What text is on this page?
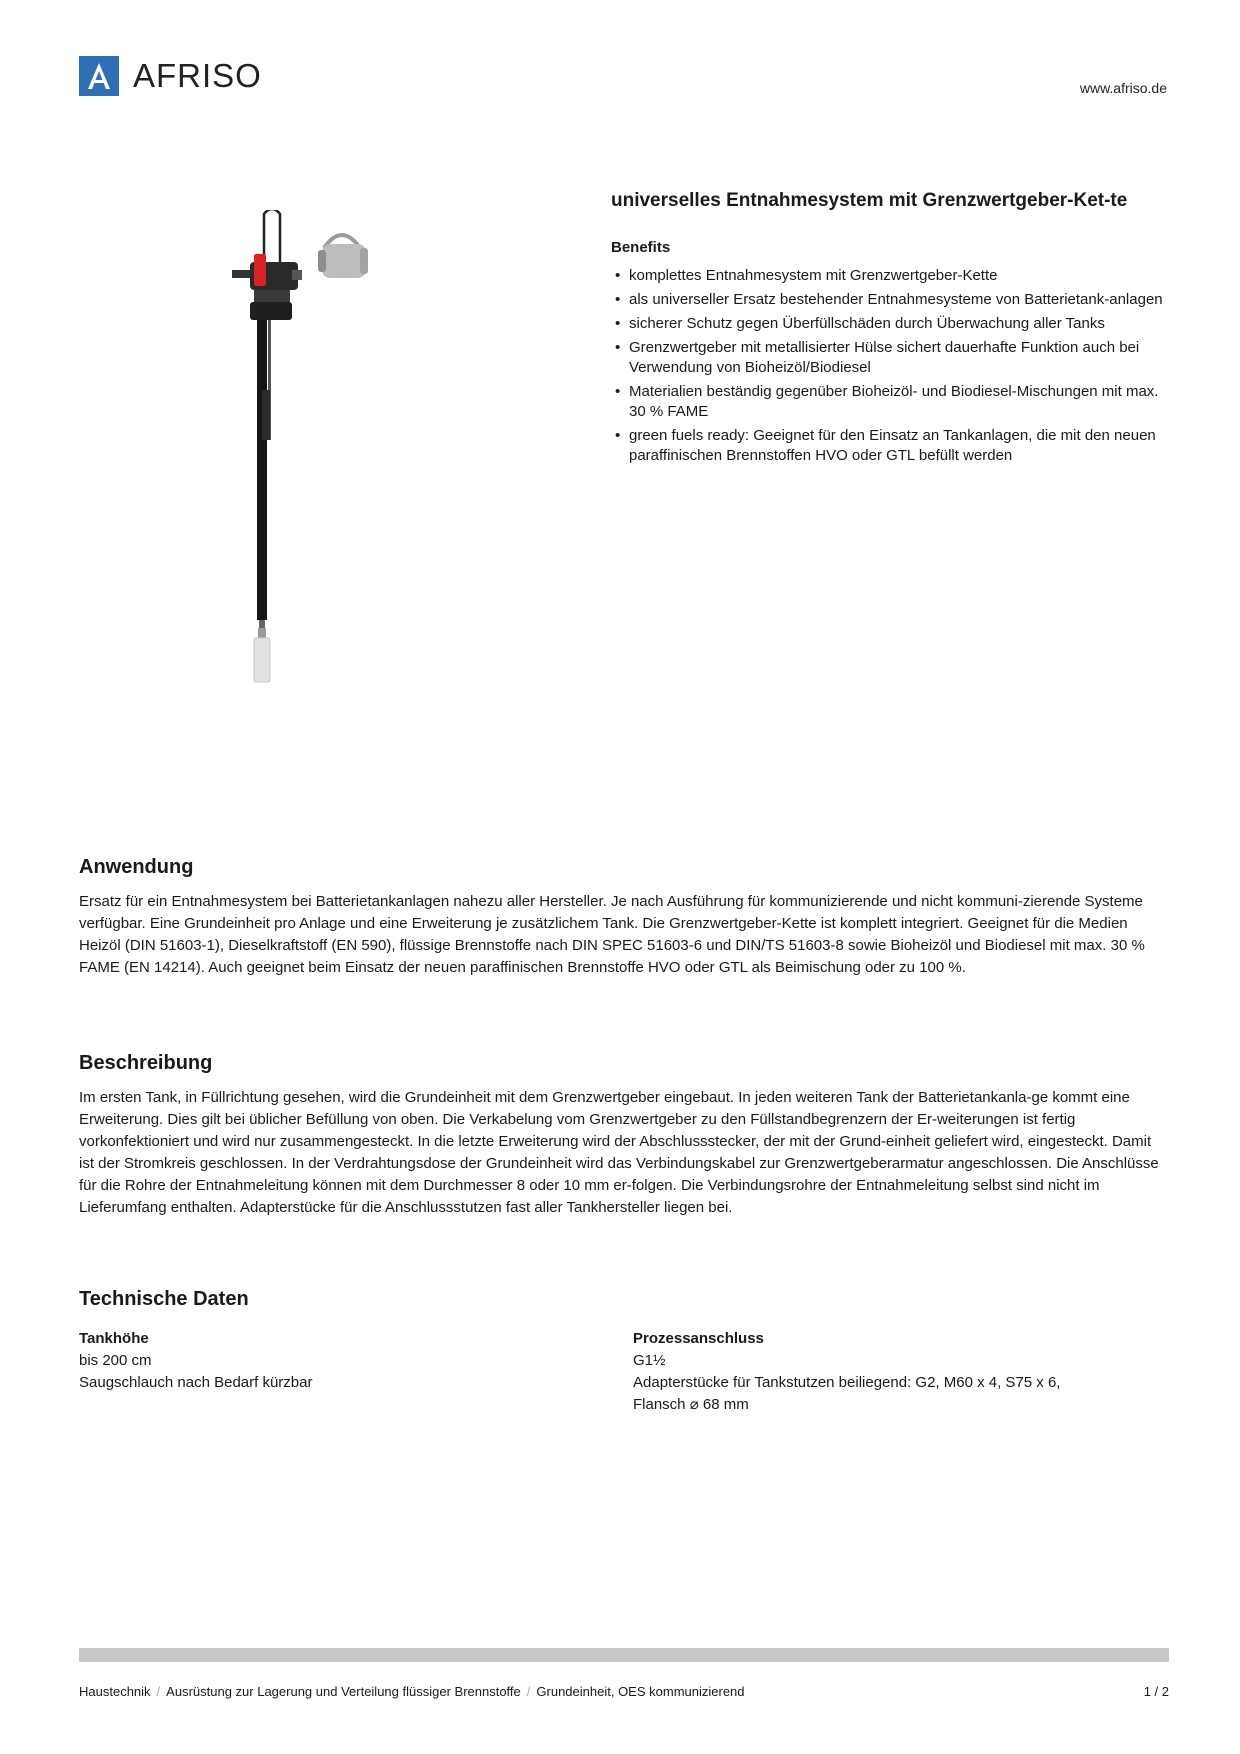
AFRISO	www.afriso.de
universelles Entnahmesystem mit Grenzwertgeber-Ket-te
Benefits
• komplettes Entnahmesystem mit Grenzwertgeber-Kette
• als universeller Ersatz bestehender Entnahmesysteme von Batterietank-anlagen
• sicherer Schutz gegen Überfüllschäden durch Überwachung aller Tanks
• Grenzwertgeber mit metallisierter Hülse sichert dauerhafte Funktion auch bei Verwendung von Bioheizöl/Biodiesel
• Materialien beständig gegenüber Bioheizöl- und Biodiesel-Mischungen mit max. 30 % FAME
• green fuels ready: Geeignet für den Einsatz an Tankanlagen, die mit den neuen paraffinischen Brennstoffen HVO oder GTL befüllt werden
Anwendung

Ersatz für ein Entnahmesystem bei Batterietankanlagen nahezu aller Hersteller. Je nach Ausführung für kommunizierende und nicht kommuni-zierende Systeme verfügbar. Eine Grundeinheit pro Anlage und eine Erweiterung je zusätzlichem Tank. Die Grenzwertgeber-Kette ist komplett integriert. Geeignet für die Medien Heizöl (DIN 51603-1), Dieselkraftstoff (EN 590), flüssige Brennstoffe nach DIN SPEC 51603-6 und DIN/TS 51603-8 sowie Bioheizöl und Biodiesel mit max. 30 % FAME (EN 14214). Auch geeignet beim Einsatz der neuen paraffinischen Brennstoffe HVO oder GTL als Beimischung oder zu 100 %.

Beschreibung

Im ersten Tank, in Füllrichtung gesehen, wird die Grundeinheit mit dem Grenzwertgeber eingebaut. In jeden weiteren Tank der Batterietankanla-ge kommt eine Erweiterung. Dies gilt bei üblicher Befüllung von oben. Die Verkabelung vom Grenzwertgeber zu den Füllstandbegrenzern der Er-weiterungen ist fertig vorkonfektioniert und wird nur zusammengesteckt. In die letzte Erweiterung wird der Abschlussstecker, der mit der Grund-einheit geliefert wird, eingesteckt. Damit ist der Stromkreis geschlossen. In der Verdrahtungsdose der Grundeinheit wird das Verbindungskabel zur Grenzwertgeberarmatur angeschlossen. Die Anschlüsse für die Rohre der Entnahmeleitung können mit dem Durchmesser 8 oder 10 mm er-folgen. Die Verbindungsrohre der Entnahmeleitung selbst sind nicht im Lieferumfang enthalten. Adapterstücke für die Anschlussstutzen fast aller Tankhersteller liegen bei.

Technische Daten
Tankhöhe
bis 200 cm
Saugschlauch nach Bedarf kürzbar
Prozessanschluss
G1½
Adapterstücke für Tankstutzen beiliegend: G2, M60 x 4, S75 x 6,
Flansch ⌀ 68 mm
Haustechnik / Ausrüstung zur Lagerung und Verteilung flüssiger Brennstoffe / Grundeinheit, OES kommunizierend	1 / 2
